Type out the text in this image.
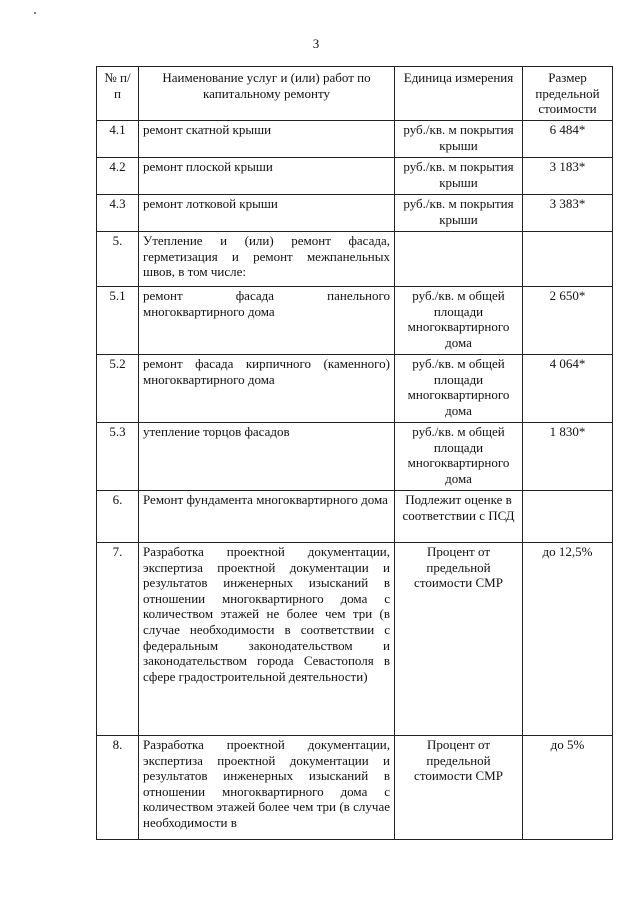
3
№ п/п	Наименование услуг и (или) работ по капитальному ремонту	Единица измерения	Размер предельной стоимости
4.1	ремонт скатной крыши	руб./кв. м покрытия крыши	6 484*
4.2	ремонт плоской крыши	руб./кв. м покрытия крыши	3 183*
4.3	ремонт лотковой крыши	руб./кв. м покрытия крыши	3 383*
5.	Утепление и (или) ремонт фасада, герметизация и ремонт межпанельных швов, в том числе:		
5.1	ремонт фасада панельного многоквартирного дома	руб./кв. м общей площади многоквартирного дома	2 650*
5.2	ремонт фасада кирпичного (каменного) многоквартирного дома	руб./кв. м общей площади многоквартирного дома	4 064*
5.3	утепление торцов фасадов	руб./кв. м общей площади многоквартирного дома	1 830*
6.	Ремонт фундамента многоквартирного дома	Подлежит оценке в соответствии с ПСД	
7.	Разработка проектной документации, экспертиза проектной документации и результатов инженерных изысканий в отношении многоквартирного дома с количеством этажей не более чем три (в случае необходимости в соответствии с федеральным законодательством и законодательством города Севастополя в сфере градостроительной деятельности)	Процент от предельной стоимости СМР	до 12,5%
8.	Разработка проектной документации, экспертиза проектной документации и результатов инженерных изысканий в отношении многоквартирного дома с количеством этажей более чем три (в случае необходимости в	Процент от предельной стоимости СМР	до 5%
